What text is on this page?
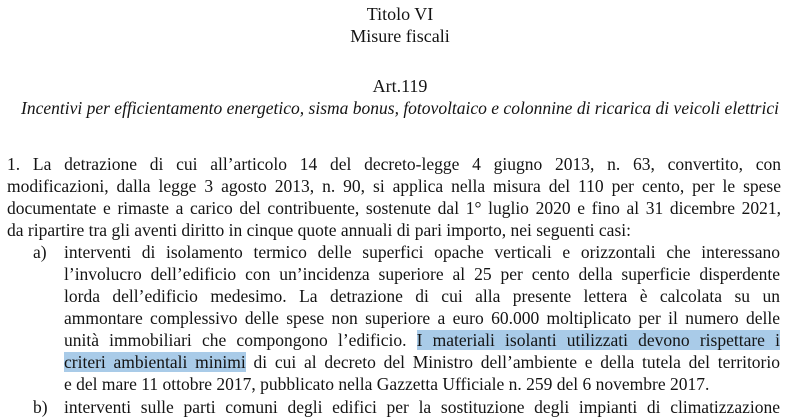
Titolo VI
Misure fiscali
Art.119
Incentivi per efficientamento energetico, sisma bonus, fotovoltaico e colonnine di ricarica di veicoli elettrici
1. La detrazione di cui all’articolo 14 del decreto-legge 4 giugno 2013, n. 63, convertito, con
modificazioni, dalla legge 3 agosto 2013, n. 90, si applica nella misura del 110 per cento, per le spese
documentate e rimaste a carico del contribuente, sostenute dal 1° luglio 2020 e fino al 31 dicembre 2021,
da ripartire tra gli aventi diritto in cinque quote annuali di pari importo, nei seguenti casi:
a) interventi di isolamento termico delle superfici opache verticali e orizzontali che interessano
l’involucro dell’edificio con un’incidenza superiore al 25 per cento della superficie disperdente
lorda dell’edificio medesimo. La detrazione di cui alla presente lettera è calcolata su un
ammontare complessivo delle spese non superiore a euro 60.000 moltiplicato per il numero delle
unità immobiliari che compongono l’edificio. I materiali isolanti utilizzati devono rispettare i
criteri ambientali minimi di cui al decreto del Ministro dell’ambiente e della tutela del territorio
e del mare 11 ottobre 2017, pubblicato nella Gazzetta Ufficiale n. 259 del 6 novembre 2017.
b) interventi sulle parti comuni degli edifici per la sostituzione degli impianti di climatizzazione
